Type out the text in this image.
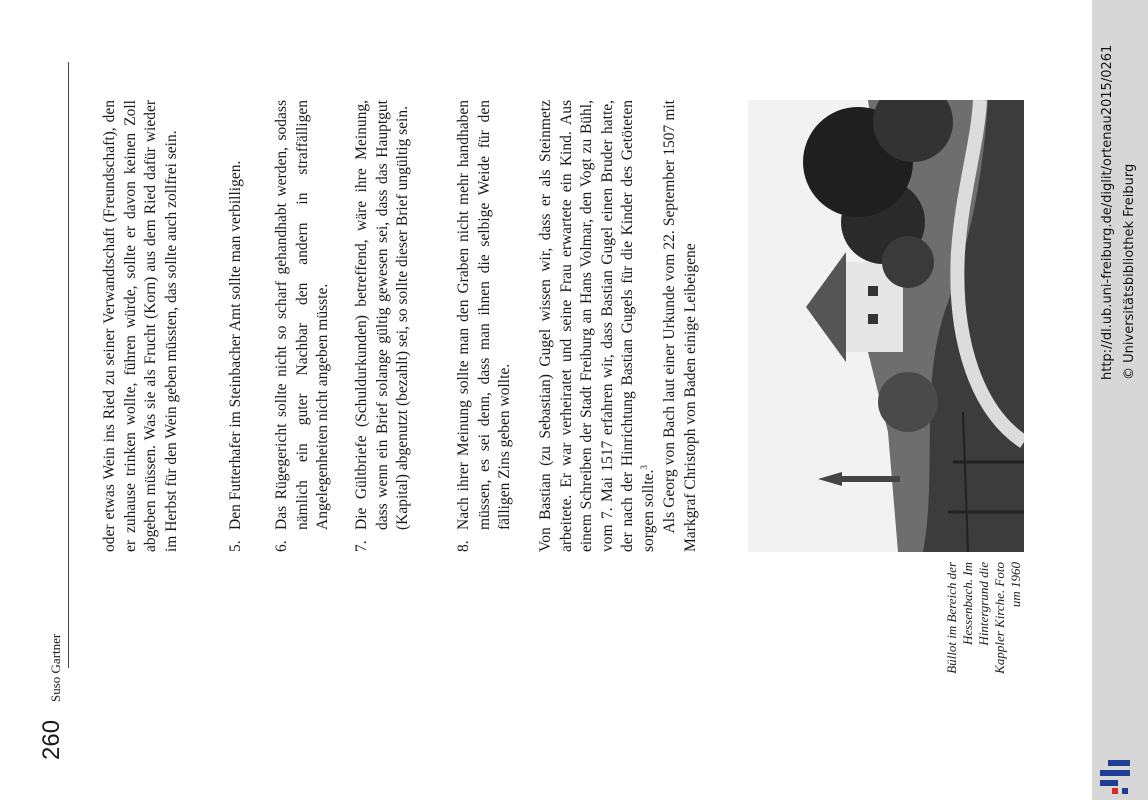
260
Suso Gartner

oder etwas Wein ins Ried zu seiner Verwandtschaft (Freundschaft), den er zuhause trinken wollte, führen würde, sollte er davon keinen Zoll abgeben müssen. Was sie als Frucht (Korn) aus dem Ried dafür wieder im Herbst für den Wein geben müssten, das sollte auch zollfrei sein.	5.
Den Futterhafer im Steinbacher Amt sollte man verbilligen.
6.
Das Rügegericht sollte nicht so scharf gehandhabt werden, sodass nämlich ein guter Nachbar den andern in straffälligen Angelegenheiten nicht angeben müsste.
7.
Die Gültbriefe (Schuldurkunden) betreffend, wäre ihre Meinung, dass wenn ein Brief solange gültig gewesen sei, dass das Hauptgut (Kapital) abgenutzt (bezahlt) sei, so sollte dieser Brief ungültig sein.
8.
Nach ihrer Meinung sollte man den Graben nicht mehr handhaben müssen, es sei denn, dass man ihnen die selbige Weide für den fälligen Zins geben wollte. Von Bastian (zu Sebastian) Gugel wissen wir, dass er als Steinmetz arbeitete. Er war verheiratet und seine Frau erwartete ein Kind. Aus einem Schreiben der Stadt Freiburg an Hans Volmar, den Vogt zu Bühl, vom 7. Mai 1517 erfahren wir, dass Bastian Gugel einen Bruder hatte, der nach der Hinrichtung Bastian Gugels für die Kinder des Getöteten sorgen sollte.$^3$ Als Georg von Bach laut einer Urkunde vom 22. September 1507 mit Markgraf Christoph von Baden einige Leibeigene

Büllot im Bereich der Hessenbach. Im Hintergrund die Kappler Kirche. Foto um 1960
http://dl.ub.uni-freiburg.de/diglit/ortenau2015/0261 © Universitätsbibliothek Freiburg
